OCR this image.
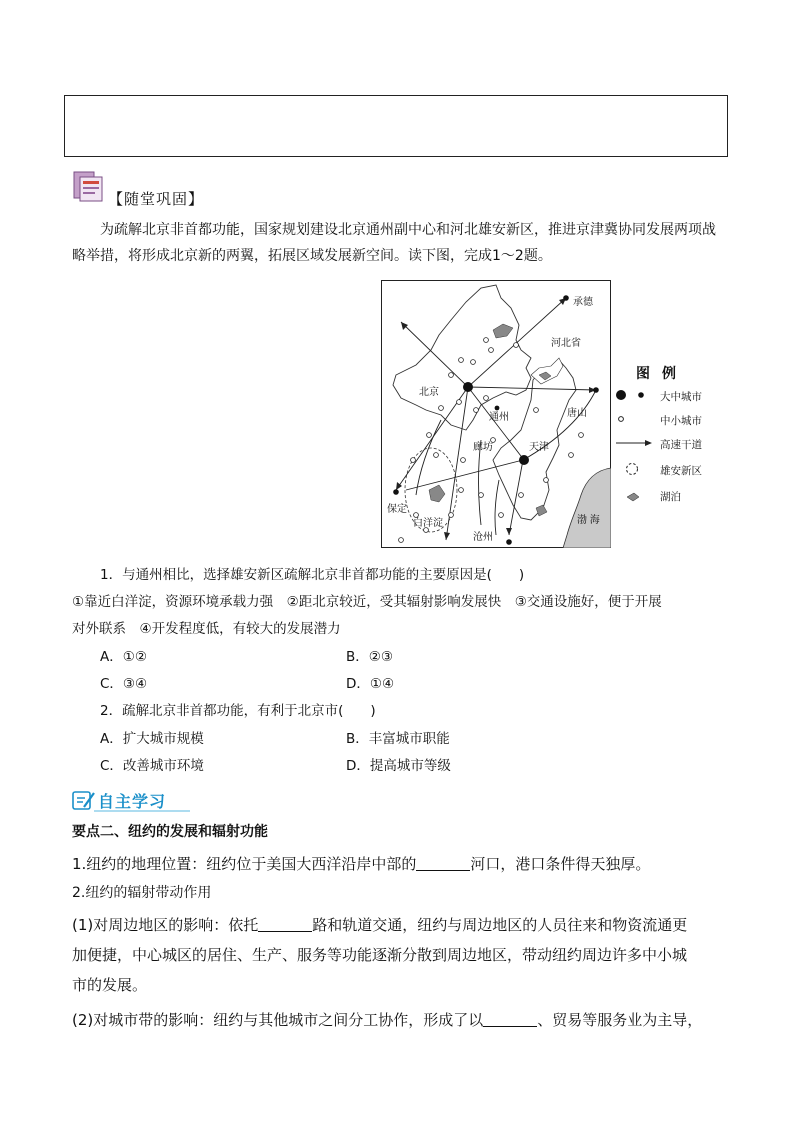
【随堂巩固】
为疏解北京非首都功能，国家规划建设北京通州副中心和河北雄安新区，推进京津冀协同发展两项战
略举措，将形成北京新的两翼，拓展区域发展新空间。读下图，完成1～2题。
承德
河北省
北京
通州	唐山
廊坊	天津
保定
白洋淀
沧州
渤 海
图例
大中城市
中小城市
高速干道
雄安新区
湖泊
1．与通州相比，选择雄安新区疏解北京非首都功能的主要原因是(　　)
①靠近白洋淀，资源环境承载力强　②距北京较近，受其辐射影响发展快　③交通设施好，便于开展
对外联系　④开发程度低，有较大的发展潜力
A．①②	B．②③
C．③④	D．①④
2．疏解北京非首都功能，有利于北京市(　　)
A．扩大城市规模	B．丰富城市职能
C．改善城市环境	D．提高城市等级
自主学习
要点二、纽约的发展和辐射功能
1.纽约的地理位置：纽约位于美国大西洋沿岸中部的	河口，港口条件得天独厚。
2.纽约的辐射带动作用
(1)对周边地区的影响：依托	路和轨道交通，纽约与周边地区的人员往来和物资流通更
加便捷，中心城区的居住、生产、服务等功能逐渐分散到周边地区，带动纽约周边许多中小城
市的发展。
(2)对城市带的影响：纽约与其他城市之间分工协作，形成了以	、贸易等服务业为主导，
